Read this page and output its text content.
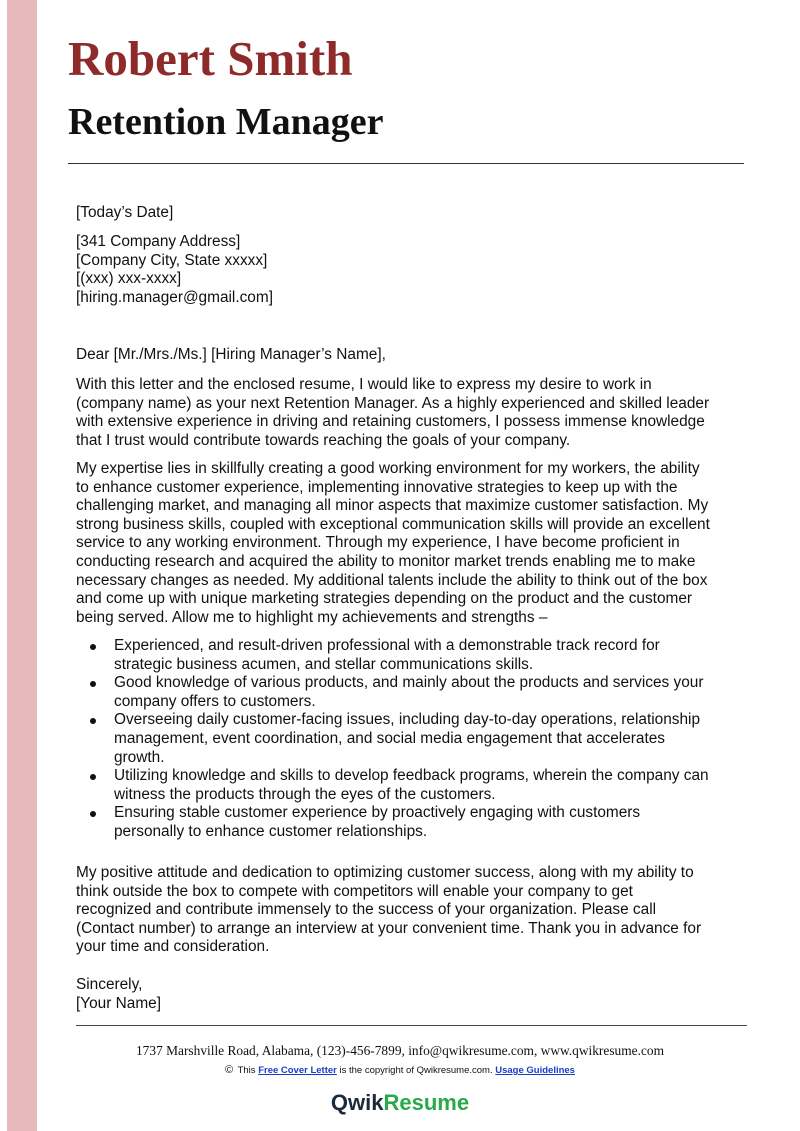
Robert Smith
Retention Manager
[Today’s Date]
[341 Company Address]
[Company City, State xxxxx]
[(xxx) xxx-xxxx]
[hiring.manager@gmail.com]
Dear [Mr./Mrs./Ms.] [Hiring Manager’s Name],
With this letter and the enclosed resume, I would like to express my desire to work in
(company name) as your next Retention Manager. As a highly experienced and skilled leader
with extensive experience in driving and retaining customers, I possess immense knowledge
that I trust would contribute towards reaching the goals of your company.
My expertise lies in skillfully creating a good working environment for my workers, the ability
to enhance customer experience, implementing innovative strategies to keep up with the
challenging market, and managing all minor aspects that maximize customer satisfaction. My
strong business skills, coupled with exceptional communication skills will provide an excellent
service to any working environment. Through my experience, I have become proficient in
conducting research and acquired the ability to monitor market trends enabling me to make
necessary changes as needed. My additional talents include the ability to think out of the box
and come up with unique marketing strategies depending on the product and the customer
being served. Allow me to highlight my achievements and strengths –
Experienced, and result-driven professional with a demonstrable track record for
strategic business acumen, and stellar communications skills.
Good knowledge of various products, and mainly about the products and services your
company offers to customers.
Overseeing daily customer-facing issues, including day-to-day operations, relationship
management, event coordination, and social media engagement that accelerates
growth.
Utilizing knowledge and skills to develop feedback programs, wherein the company can
witness the products through the eyes of the customers.
Ensuring stable customer experience by proactively engaging with customers
personally to enhance customer relationships.
My positive attitude and dedication to optimizing customer success, along with my ability to
think outside the box to compete with competitors will enable your company to get
recognized and contribute immensely to the success of your organization. Please call
(Contact number) to arrange an interview at your convenient time. Thank you in advance for
your time and consideration.
Sincerely,
[Your Name]
1737 Marshville Road, Alabama, (123)-456-7899, info@qwikresume.com, www.qwikresume.com
© This Free Cover Letter is the copyright of Qwikresume.com. Usage Guidelines
QwikResume
